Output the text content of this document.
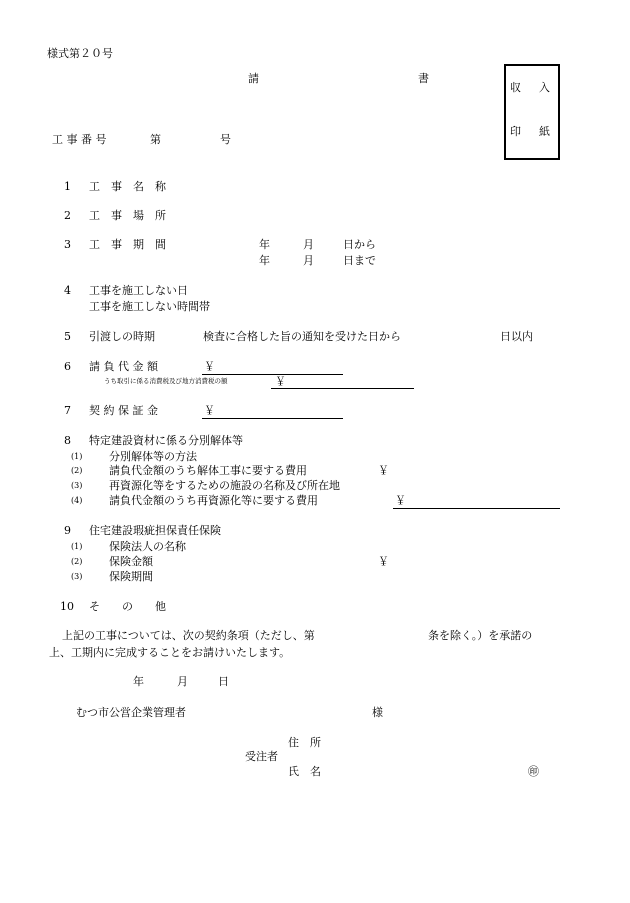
様式第２０号
請	書
収 入
印 紙
工 事 番 号	第	号
1 工　事　名　称
2 工　事　場　所
3 工　事　期　間	年	月	日から
年	月	日まで
4 工事を施工しない日
工事を施工しない時間帯
5 引渡しの時期	検査に合格した旨の通知を受けた日から	日以内
6 請 負 代 金 額	￥
うち取引に係る消費税及び地方消費税の額	￥
7 契 約 保 証 金	￥
8 特定建設資材に係る分別解体等
(1) 分別解体等の方法
(2) 請負代金額のうち解体工事に要する費用	￥
(3) 再資源化等をするための施設の名称及び所在地
(4) 請負代金額のうち再資源化等に要する費用	￥
9 住宅建設瑕疵担保責任保険
(1) 保険法人の名称
(2) 保険金額	￥
(3) 保険期間
10 そ　　の　　他
上記の工事については、次の契約条項（ただし、第	条を除く。）を承諾の
上、工期内に完成することをお請けいたします。
年	月	日
むつ市公営企業管理者	様
住　所
受注者
氏　名	㊞
